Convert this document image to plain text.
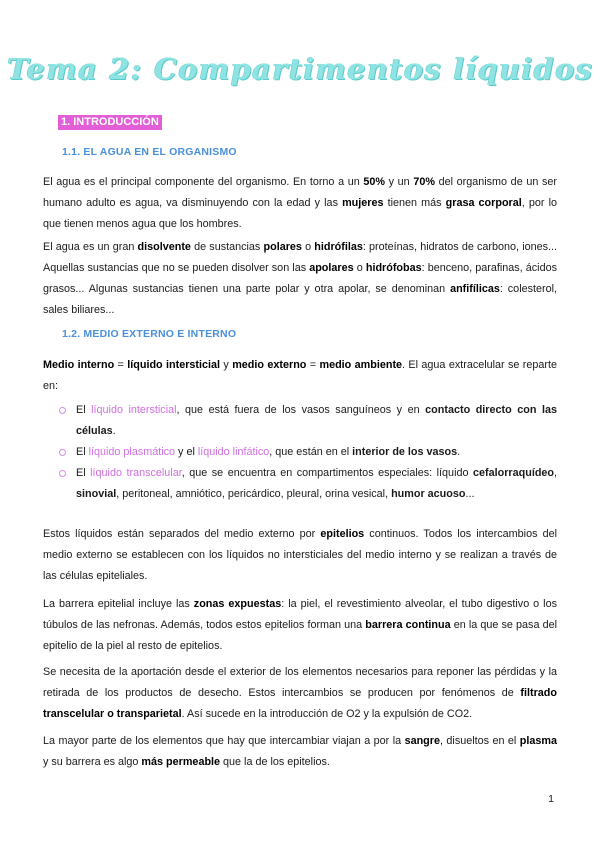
Tema 2: Compartimentos líquidos
1. INTRODUCCIÓN
1.1. EL AGUA EN EL ORGANISMO

El agua es el principal componente del organismo. En torno a un 50% y un 70% del organismo de un ser humano adulto es agua, va disminuyendo con la edad y las mujeres tienen más grasa corporal, por lo que tienen menos agua que los hombres.

El agua es un gran disolvente de sustancias polares o hidrófilas: proteínas, hidratos de carbono, iones... Aquellas sustancias que no se pueden disolver son las apolares o hidrófobas: benceno, parafinas, ácidos grasos... Algunas sustancias tienen una parte polar y otra apolar, se denominan anfifílicas: colesterol, sales biliares...

1.2. MEDIO EXTERNO E INTERNO

Medio interno = líquido intersticial y medio externo = medio ambiente. El agua extracelular se reparte en:

El líquido intersticial, que está fuera de los vasos sanguíneos y en contacto directo con las células.
El líquido plasmático y el líquido linfático, que están en el interior de los vasos.
El líquido transcelular, que se encuentra en compartimentos especiales: líquido cefalorraquídeo, sinovial, peritoneal, amniótico, pericárdico, pleural, orina vesical, humor acuoso...

Estos líquidos están separados del medio externo por epitelios continuos. Todos los intercambios del medio externo se establecen con los líquidos no intersticiales del medio interno y se realizan a través de las células epiteliales.

La barrera epitelial incluye las zonas expuestas: la piel, el revestimiento alveolar, el tubo digestivo o los túbulos de las nefronas. Además, todos estos epitelios forman una barrera continua en la que se pasa del epitelio de la piel al resto de epitelios.

Se necesita de la aportación desde el exterior de los elementos necesarios para reponer las pérdidas y la retirada de los productos de desecho. Estos intercambios se producen por fenómenos de filtrado transcelular o transparietal. Así sucede en la introducción de O2 y la expulsión de CO2.

La mayor parte de los elementos que hay que intercambiar viajan a por la sangre, disueltos en el plasma y su barrera es algo más permeable que la de los epitelios.

1
